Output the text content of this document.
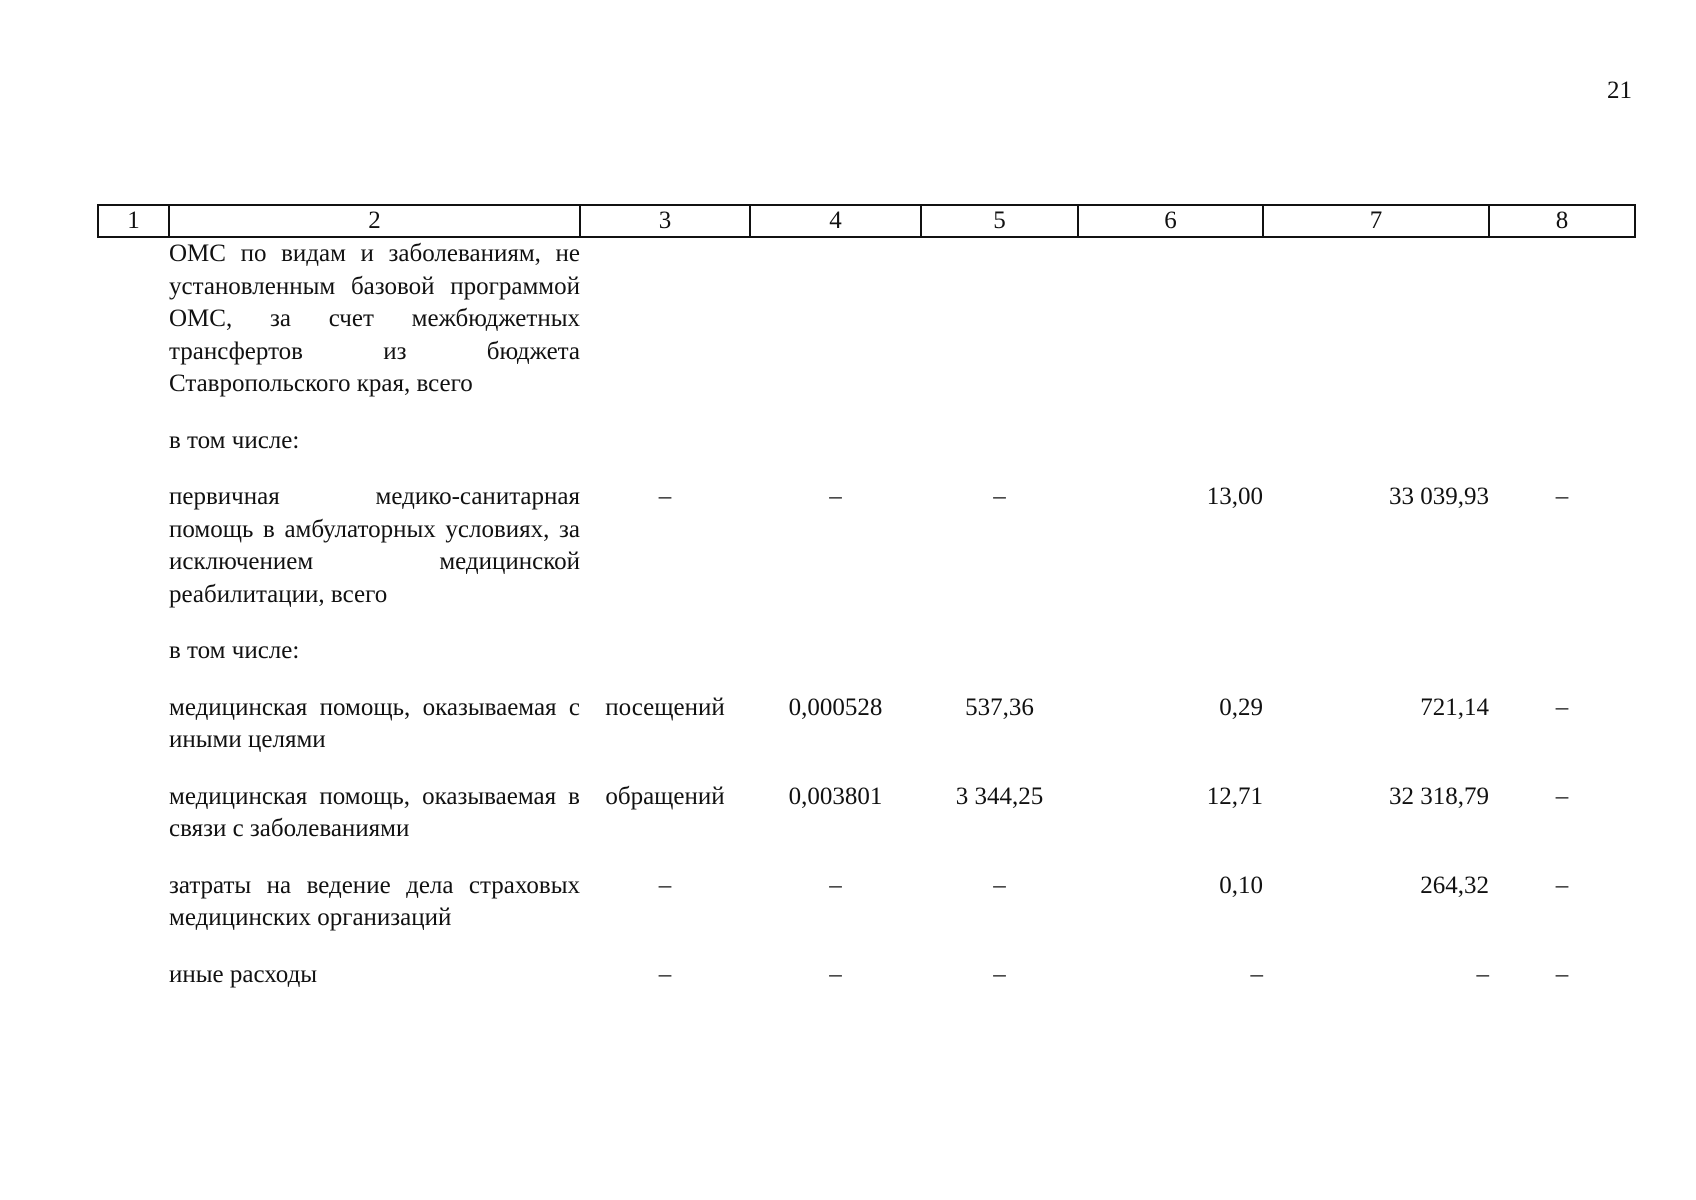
21
1	2	3	4	5	6	7	8
	ОМС по видам и заболеваниям, не установленным базовой программой ОМС, за счет межбюджетных трансфертов из бюджета Ставропольского края, всего						

	в том числе:						

	первичная медико-санитарная помощь в амбулаторных условиях, за исключением медицинской реабилитации, всего	–	–	–	13,00	33 039,93	–

	в том числе:						

	медицинская помощь, оказываемая с иными целями	посещений	0,000528	537,36	0,29	721,14	–

	медицинская помощь, оказываемая в связи с заболеваниями	обращений	0,003801	3 344,25	12,71	32 318,79	–

	затраты на ведение дела страховых медицинских организаций	–	–	–	0,10	264,32	–

	иные расходы	–	–	–	–	–	–
